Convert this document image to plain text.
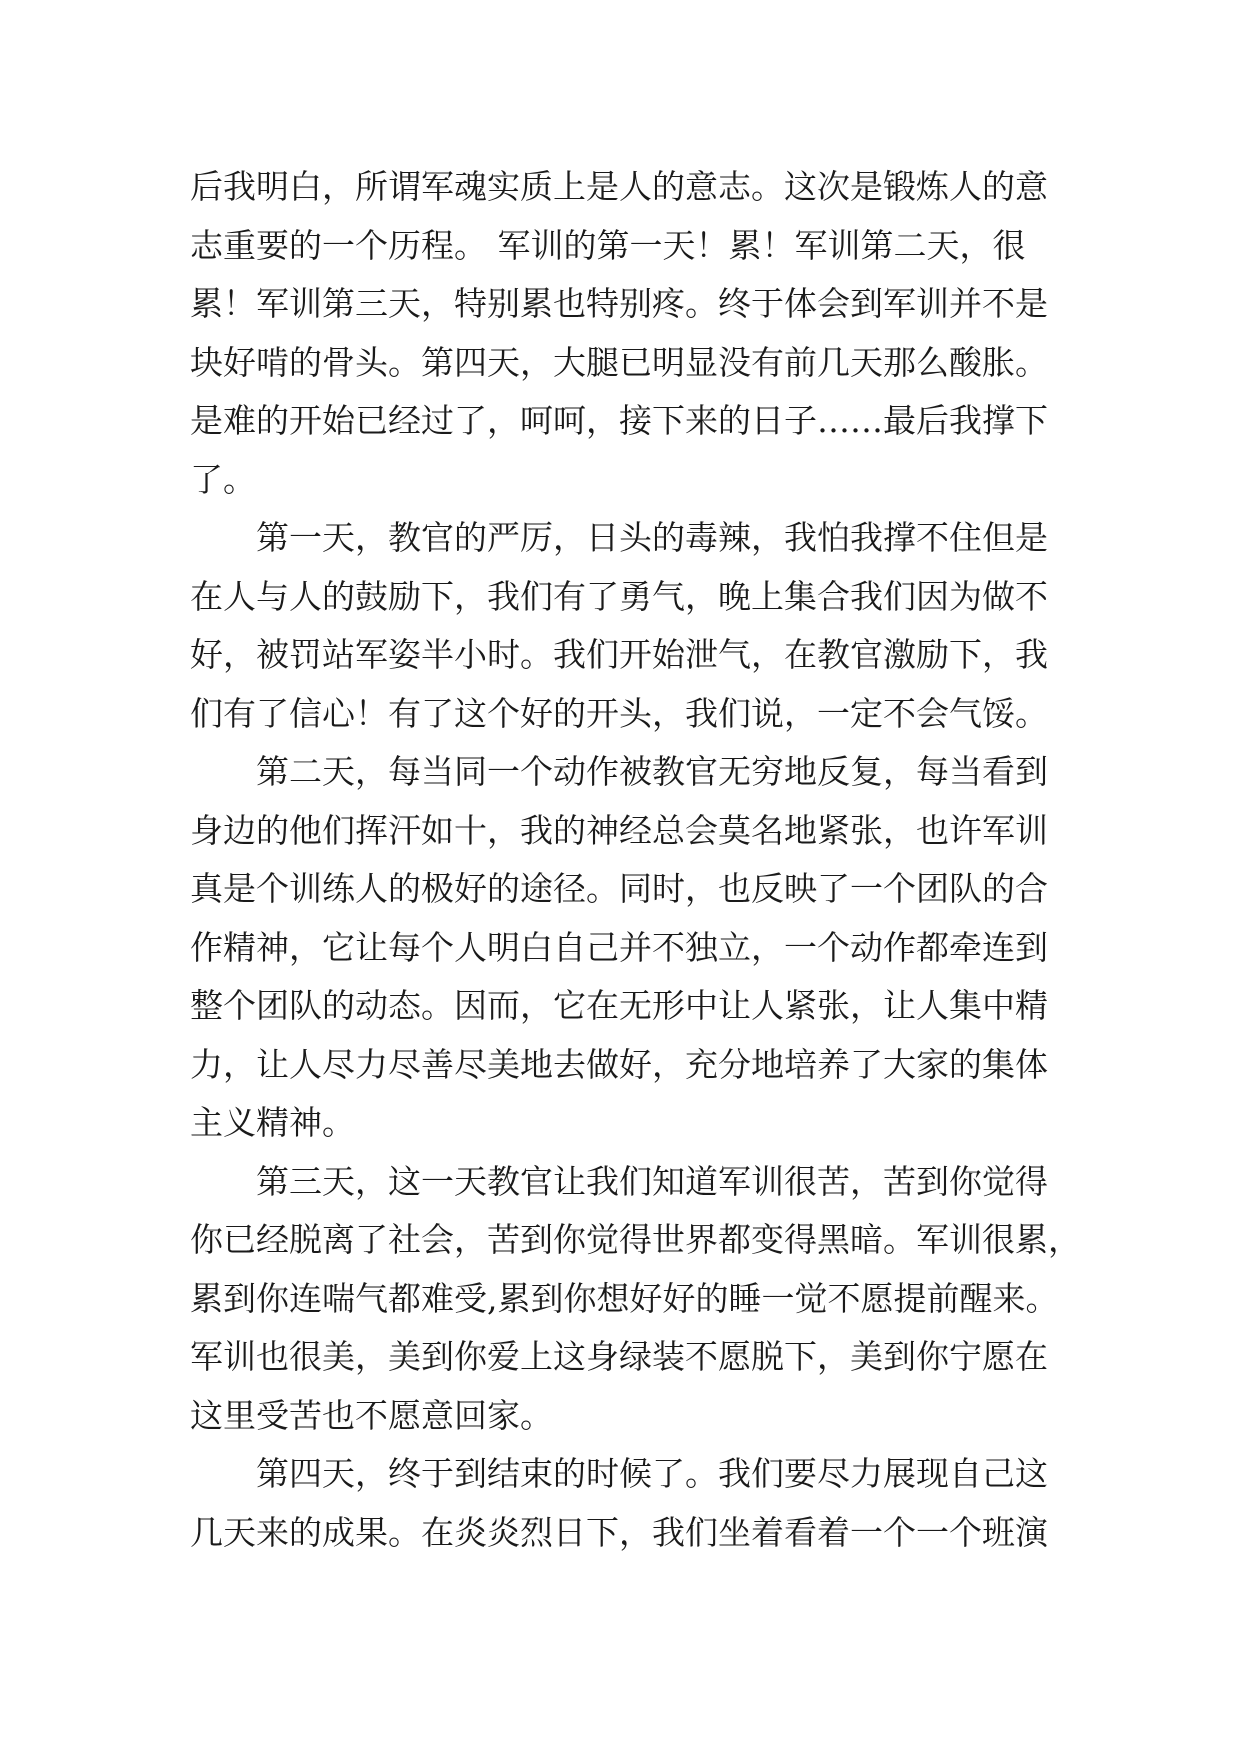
后我明白，所谓军魂实质上是人的意志。这次是锻炼人的意
志重要的一个历程。 军训的第一天！累！军训第二天，很
累！军训第三天，特别累也特别疼。终于体会到军训并不是
块好啃的骨头。第四天，大腿已明显没有前几天那么酸胀。
是难的开始已经过了，呵呵，接下来的日子……最后我撑下
了。
　　第一天，教官的严厉，日头的毒辣，我怕我撑不住但是
在人与人的鼓励下，我们有了勇气，晚上集合我们因为做不
好，被罚站军姿半小时。我们开始泄气，在教官激励下，我
们有了信心！有了这个好的开头，我们说，一定不会气馁。
　　第二天，每当同一个动作被教官无穷地反复，每当看到
身边的他们挥汗如十，我的神经总会莫名地紧张，也许军训
真是个训练人的极好的途径。同时，也反映了一个团队的合
作精神，它让每个人明白自己并不独立，一个动作都牵连到
整个团队的动态。因而，它在无形中让人紧张，让人集中精
力，让人尽力尽善尽美地去做好，充分地培养了大家的集体
主义精神。
　　第三天，这一天教官让我们知道军训很苦，苦到你觉得
你已经脱离了社会，苦到你觉得世界都变得黑暗。军训很累，
累到你连喘气都难受,累到你想好好的睡一觉不愿提前醒来。
军训也很美，美到你爱上这身绿装不愿脱下，美到你宁愿在
这里受苦也不愿意回家。
　　第四天，终于到结束的时候了。我们要尽力展现自己这
几天来的成果。在炎炎烈日下，我们坐着看着一个一个班演
